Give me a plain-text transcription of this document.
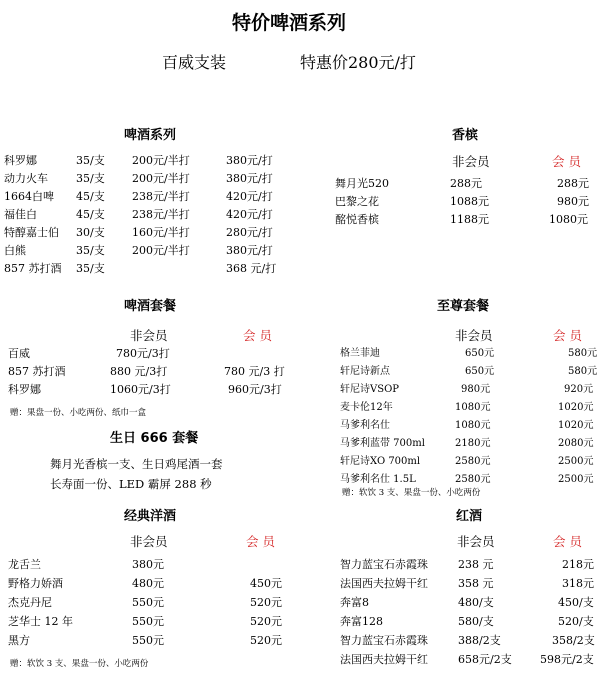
特价啤酒系列
百威支装	特惠价280元/打
啤酒系列
科罗娜	35/支 200元/半打	380元/打
动力火车	35/支 200元/半打	380元/打
1664白啤 45/支 238元/半打	420元/打
福佳白	45/支 238元/半打	420元/打
特醇嘉士伯 30/支 160元/半打	280元/打
白熊	35/支 200元/半打	380元/打
857 苏打酒 35/支	368 元/打
香槟
非会员	会 员
舞月光520	288元	288元
巴黎之花	1088元	980元
酩悦香槟	1188元	1080元
啤酒套餐
非会员	会 员
百威	780元/3打
857 苏打酒	880 元/3打	780 元/3 打
科罗娜	1060元/3打	960元/3打
赠：果盘一份、小吃两份、纸巾一盒
生日 666 套餐
舞月光香槟一支、生日鸡尾酒一套
长寿面一份、LED 霸屏 288 秒
至尊套餐
非会员	会 员
格兰菲迪	650元	580元
轩尼诗新点	650元	580元
轩尼诗VSOP	980元	920元
麦卡伦12年	1080元	1020元
马爹利名仕	1080元	1020元
马爹利蓝带 700ml	2180元	2080元
轩尼诗XO 700ml	2580元	2500元
马爹利名仕 1.5L	2580元	2500元
赠：软饮 3 支、果盘一份、小吃两份
经典洋酒
非会员	会 员
龙舌兰	380元
野格力娇酒	480元	450元
杰克丹尼	550元	520元
芝华士 12 年	550元	520元
黑方	550元	520元
赠：软饮 3 支、果盘一份、小吃两份
红酒
非会员	会 员
智力蓝宝石赤霞珠	238 元	218元
法国西夫拉姆干红	358 元	318元
奔富8	480/支	450/支
奔富128	580/支	520/支
智力蓝宝石赤霞珠	388/2支	358/2支
法国西夫拉姆干红	658元/2支	598元/2支
